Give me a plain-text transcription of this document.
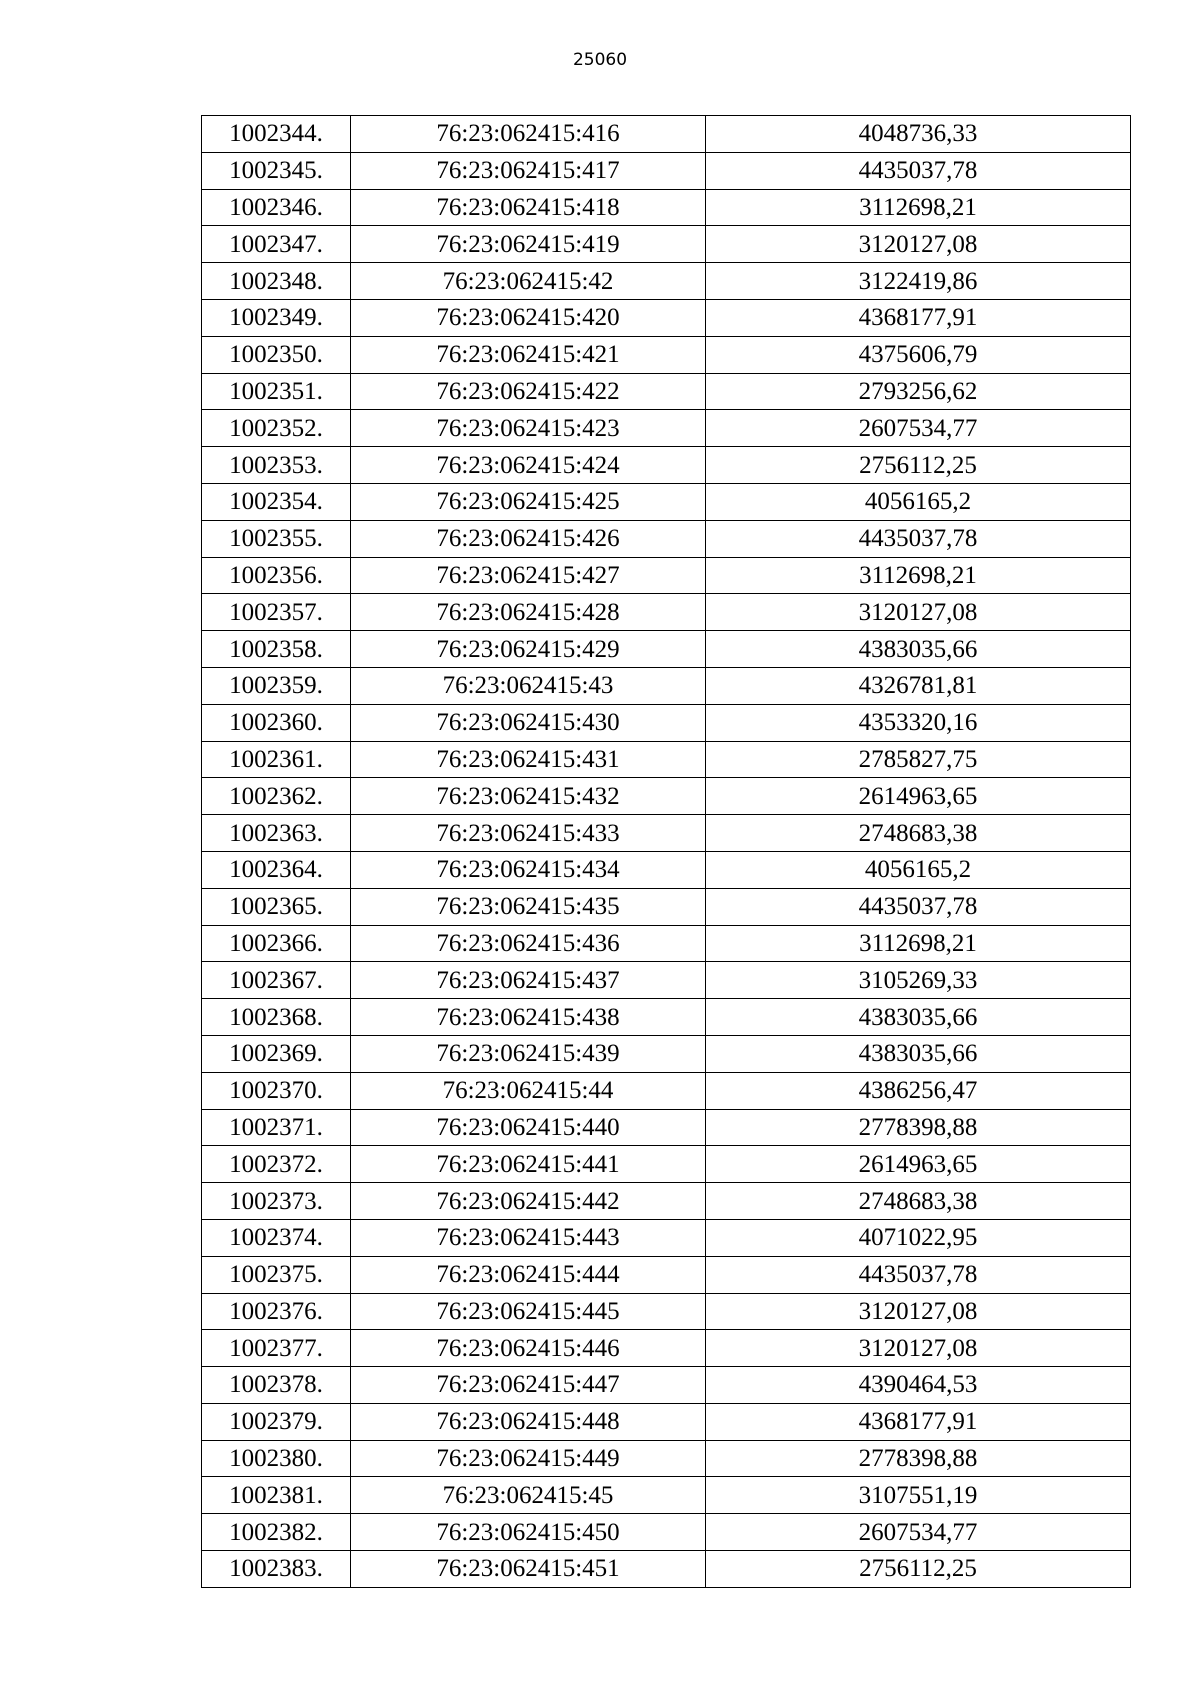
25060
1002344.	76:23:062415:416	4048736,33
1002345.	76:23:062415:417	4435037,78
1002346.	76:23:062415:418	3112698,21
1002347.	76:23:062415:419	3120127,08
1002348.	76:23:062415:42	3122419,86
1002349.	76:23:062415:420	4368177,91
1002350.	76:23:062415:421	4375606,79
1002351.	76:23:062415:422	2793256,62
1002352.	76:23:062415:423	2607534,77
1002353.	76:23:062415:424	2756112,25
1002354.	76:23:062415:425	4056165,2
1002355.	76:23:062415:426	4435037,78
1002356.	76:23:062415:427	3112698,21
1002357.	76:23:062415:428	3120127,08
1002358.	76:23:062415:429	4383035,66
1002359.	76:23:062415:43	4326781,81
1002360.	76:23:062415:430	4353320,16
1002361.	76:23:062415:431	2785827,75
1002362.	76:23:062415:432	2614963,65
1002363.	76:23:062415:433	2748683,38
1002364.	76:23:062415:434	4056165,2
1002365.	76:23:062415:435	4435037,78
1002366.	76:23:062415:436	3112698,21
1002367.	76:23:062415:437	3105269,33
1002368.	76:23:062415:438	4383035,66
1002369.	76:23:062415:439	4383035,66
1002370.	76:23:062415:44	4386256,47
1002371.	76:23:062415:440	2778398,88
1002372.	76:23:062415:441	2614963,65
1002373.	76:23:062415:442	2748683,38
1002374.	76:23:062415:443	4071022,95
1002375.	76:23:062415:444	4435037,78
1002376.	76:23:062415:445	3120127,08
1002377.	76:23:062415:446	3120127,08
1002378.	76:23:062415:447	4390464,53
1002379.	76:23:062415:448	4368177,91
1002380.	76:23:062415:449	2778398,88
1002381.	76:23:062415:45	3107551,19
1002382.	76:23:062415:450	2607534,77
1002383.	76:23:062415:451	2756112,25
